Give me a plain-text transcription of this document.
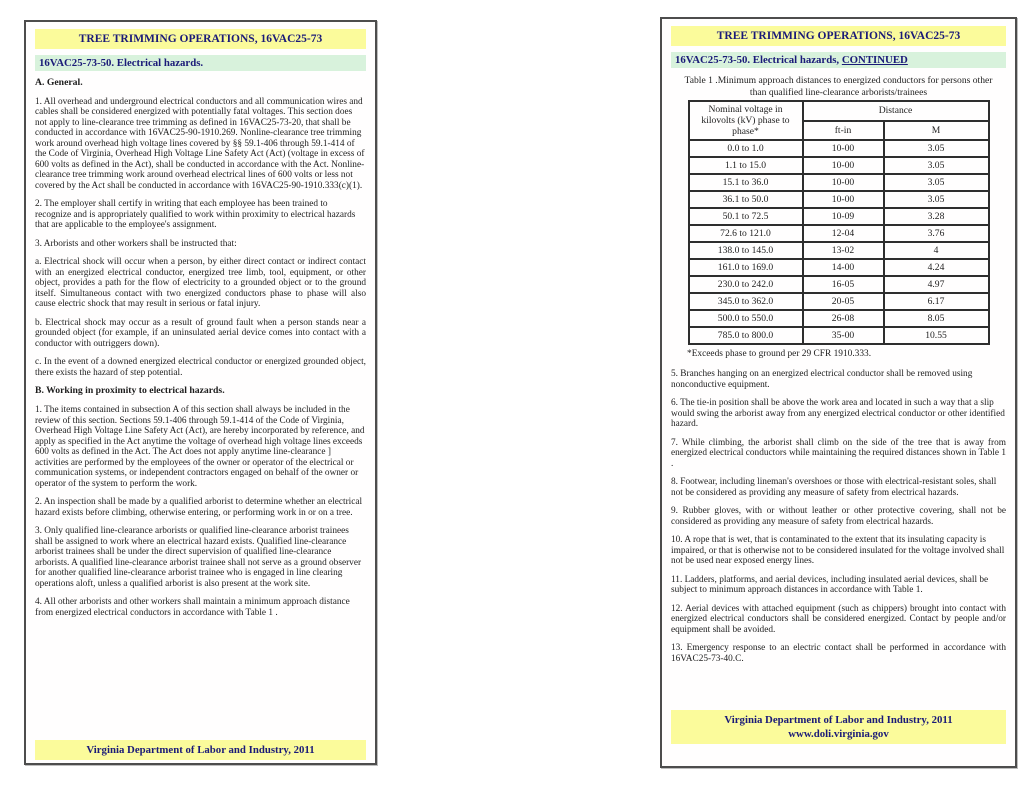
TREE TRIMMING OPERATIONS, 16VAC25-73
16VAC25-73-50. Electrical hazards.

A. General.

1. All overhead and underground electrical conductors and all communication wires and cables shall be considered energized with potentially fatal voltages. This section does not apply to line-clearance tree trimming as defined in 16VAC25-73-20, that shall be conducted in accordance with 16VAC25-90-1910.269. Nonline-clearance tree trimming work around overhead high voltage lines covered by §§ 59.1-406 through 59.1-414 of the Code of Virginia, Overhead High Voltage Line Safety Act (Act) (voltage in excess of 600 volts as defined in the Act), shall be conducted in accordance with the Act. Nonline-clearance tree trimming work around overhead electrical lines of 600 volts or less not covered by the Act shall be conducted in accordance with 16VAC25-90-1910.333(c)(1).

2. The employer shall certify in writing that each employee has been trained to recognize and is appropriately qualified to work within proximity to electrical hazards that are applicable to the employee's assignment.

3. Arborists and other workers shall be instructed that:

a. Electrical shock will occur when a person, by either direct contact or indirect contact with an energized electrical conductor, energized tree limb, tool, equipment, or other object, provides a path for the flow of electricity to a grounded object or to the ground itself. Simultaneous contact with two energized conductors phase to phase will also cause electric shock that may result in serious or fatal injury.

b. Electrical shock may occur as a result of ground fault when a person stands near a grounded object (for example, if an uninsulated aerial device comes into contact with a conductor with outriggers down).

c. In the event of a downed energized electrical conductor or energized grounded object, there exists the hazard of step potential.

B. Working in proximity to electrical hazards.

1. The items contained in subsection A of this section shall always be included in the review of this section. Sections 59.1-406 through 59.1-414 of the Code of Virginia, Overhead High Voltage Line Safety Act (Act), are hereby incorporated by reference, and apply as specified in the Act anytime the voltage of overhead high voltage lines exceeds 600 volts as defined in the Act. The Act does not apply anytime line-clearance ] activities are performed by the employees of the owner or operator of the electrical or communication systems, or independent contractors engaged on behalf of the owner or operator of the system to perform the work.

2. An inspection shall be made by a qualified arborist to determine whether an electrical hazard exists before climbing, otherwise entering, or performing work in or on a tree.

3. Only qualified line-clearance arborists or qualified line-clearance arborist trainees shall be assigned to work where an electrical hazard exists. Qualified line-clearance arborist trainees shall be under the direct supervision of qualified line-clearance arborists. A qualified line-clearance arborist trainee shall not serve as a ground observer for another qualified line-clearance arborist trainee who is engaged in line clearing operations aloft, unless a qualified arborist is also present at the work site.

4. All other arborists and other workers shall maintain a minimum approach distance from energized electrical conductors in accordance with Table 1 .

Virginia Department of Labor and Industry, 2011
TREE TRIMMING OPERATIONS, 16VAC25-73
16VAC25-73-50. Electrical hazards, CONTINUED
Table 1 .Minimum approach distances to energized conductors for persons other than qualified line-clearance arborists/trainees
Nominal voltage in kilovolts (kV) phase to phase*	Distance	
	ft-in	M
0.0 to 1.0	10-00	3.05
1.1 to 15.0	10-00	3.05
15.1 to 36.0	10-00	3.05
36.1 to 50.0	10-00	3.05
50.1 to 72.5	10-09	3.28
72.6 to 121.0	12-04	3.76
138.0 to 145.0	13-02	4
161.0 to 169.0	14-00	4.24
230.0 to 242.0	16-05	4.97
345.0 to 362.0	20-05	6.17
500.0 to 550.0	26-08	8.05
785.0 to 800.0	35-00	10.55
*Exceeds phase to ground per 29 CFR 1910.333.

5. Branches hanging on an energized electrical conductor shall be removed using nonconductive equipment.

6. The tie-in position shall be above the work area and located in such a way that a slip would swing the arborist away from any energized electrical conductor or other identified hazard.

7. While climbing, the arborist shall climb on the side of the tree that is away from energized electrical conductors while maintaining the required distances shown in Table 1 .

8. Footwear, including lineman's overshoes or those with electrical-resistant soles, shall not be considered as providing any measure of safety from electrical hazards.

9. Rubber gloves, with or without leather or other protective covering, shall not be considered as providing any measure of safety from electrical hazards.

10. A rope that is wet, that is contaminated to the extent that its insulating capacity is impaired, or that is otherwise not to be considered insulated for the voltage involved shall not be used near exposed energy lines.

11. Ladders, platforms, and aerial devices, including insulated aerial devices, shall be subject to minimum approach distances in accordance with Table 1.

12. Aerial devices with attached equipment (such as chippers) brought into contact with energized electrical conductors shall be considered energized. Contact by people and/or equipment shall be avoided.

13. Emergency response to an electric contact shall be performed in accordance with 16VAC25-73-40.C.

Virginia Department of Labor and Industry, 2011
www.doli.virginia.gov
